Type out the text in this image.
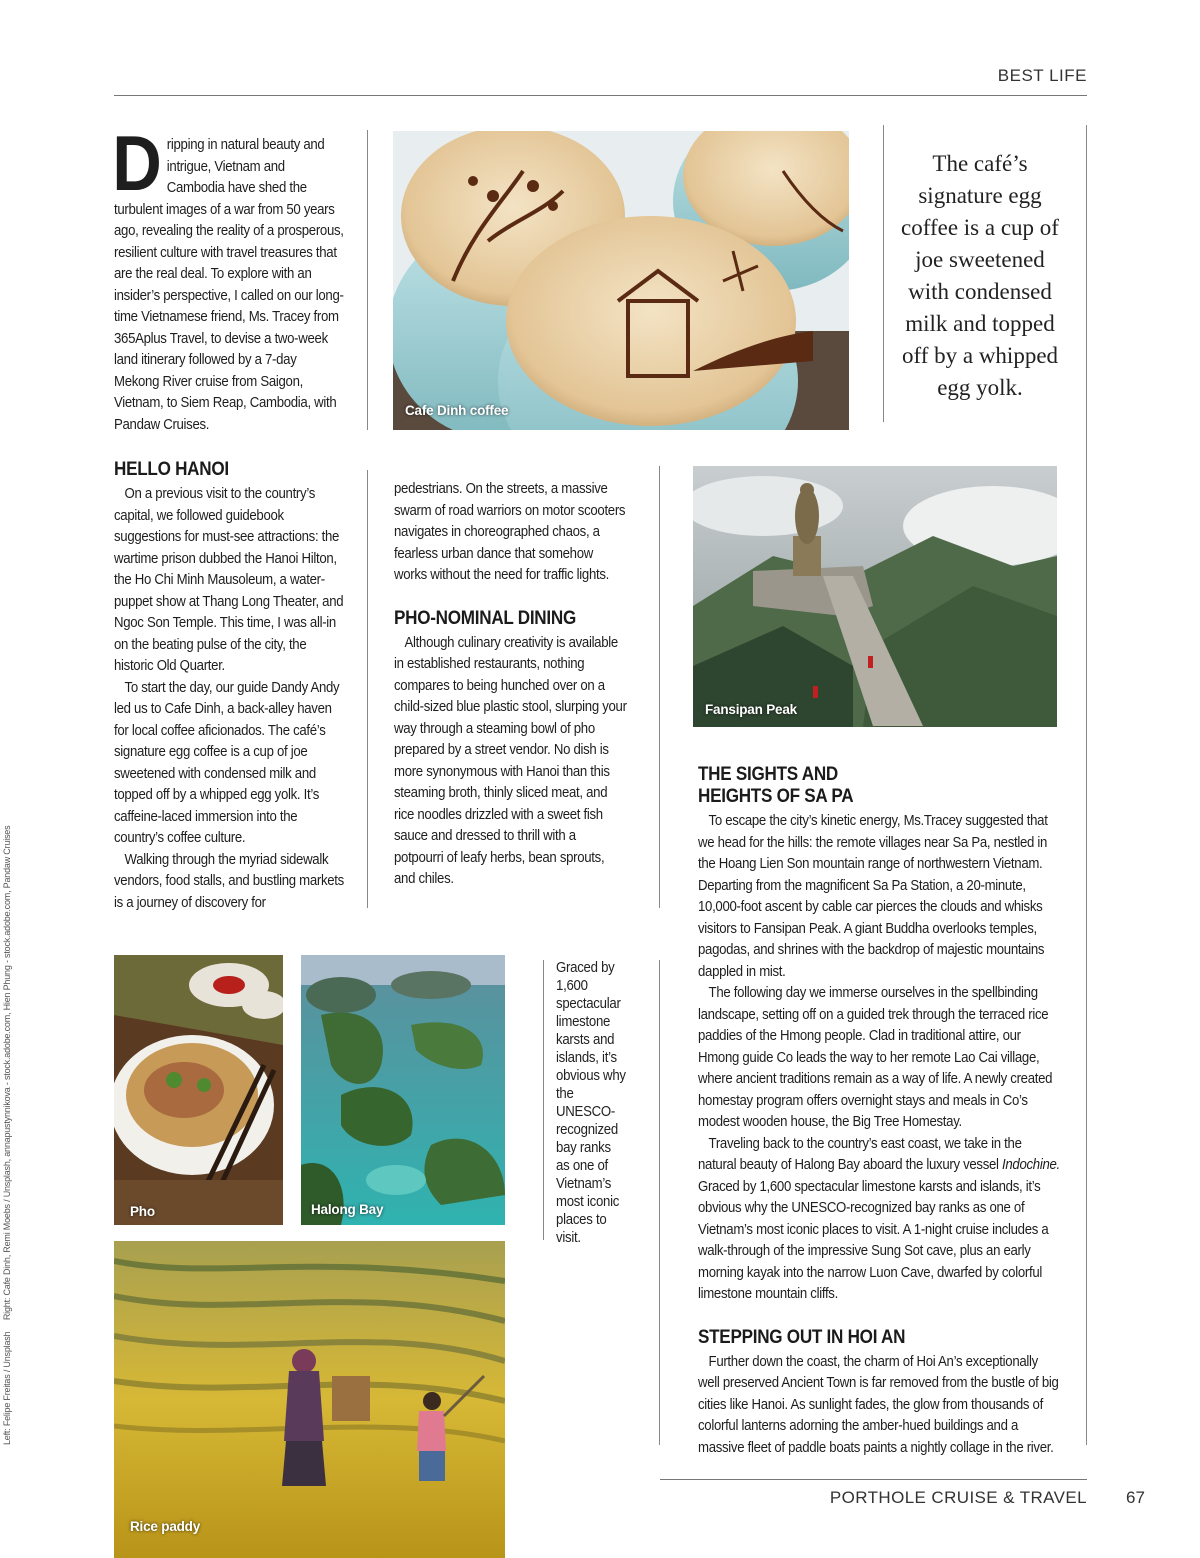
BEST LIFE
Left: Felipe Freitas / Unsplash     Right: Cafe Dinh, Remi Moebs / Unsplash, annapustynnikova - stock.adobe.com, Hien Phung - stock.adobe.com, Pandaw Cruises
D ripping in natural beauty and intrigue, Vietnam and Cambodia have shed the turbulent images of a war from 50 years ago, revealing the reality of a prosperous, resilient culture with travel treasures that are the real deal. To explore with an insider’s perspective, I called on our long-time Vietnamese friend, Ms. Tracey from 365Aplus Travel, to devise a two-week land itinerary followed by a 7-day Mekong River cruise from Saigon, Vietnam, to Siem Reap, Cambodia, with Pandaw Cruises.
Cafe Dinh coffee
The café’s signature egg coffee is a cup of joe sweetened with condensed milk and topped off by a whipped egg yolk.
HELLO HANOI

On a previous visit to the country’s capital, we followed guidebook suggestions for must-see attractions: the wartime prison dubbed the Hanoi Hilton, the Ho Chi Minh Mausoleum, a water-puppet show at Thang Long Theater, and Ngoc Son Temple. This time, I was all-in on the beating pulse of the city, the historic Old Quarter.

To start the day, our guide Dandy Andy led us to Cafe Dinh, a back-alley haven for local coffee aficionados. The café’s signature egg coffee is a cup of joe sweetened with condensed milk and topped off by a whipped egg yolk. It’s caffeine-laced immersion into the country’s coffee culture.

Walking through the myriad sidewalk vendors, food stalls, and bustling markets is a journey of discovery for

pedestrians. On the streets, a massive swarm of road warriors on motor scooters navigates in choreographed chaos, a fearless urban dance that somehow works without the need for traffic lights.

PHO-NOMINAL DINING

Although culinary creativity is available in established restaurants, nothing compares to being hunched over on a child-sized blue plastic stool, slurping your way through a steaming bowl of pho prepared by a street vendor. No dish is more synonymous with Hanoi than this steaming broth, thinly sliced meat, and rice noodles drizzled with a sweet fish sauce and dressed to thrill with a potpourri of leafy herbs, bean sprouts, and chiles.

Fansipan Peak
THE SIGHTS AND
HEIGHTS OF SA PA

To escape the city’s kinetic energy, Ms.Tracey suggested that we head for the hills: the remote villages near Sa Pa, nestled in the Hoang Lien Son mountain range of northwestern Vietnam. Departing from the magnificent Sa Pa Station, a 20-minute, 10,000-foot ascent by cable car pierces the clouds and whisks visitors to Fansipan Peak. A giant Buddha overlooks temples, pagodas, and shrines with the backdrop of majestic mountains dappled in mist.

The following day we immerse ourselves in the spellbinding landscape, setting off on a guided trek through the terraced rice paddies of the Hmong people. Clad in traditional attire, our Hmong guide Co leads the way to her remote Lao Cai village, where ancient traditions remain as a way of life. A newly created homestay program offers overnight stays and meals in Co’s modest wooden house, the Big Tree Homestay.

Traveling back to the country’s east coast, we take in the natural beauty of Halong Bay aboard the luxury vessel Indochine. Graced by 1,600 spectacular limestone karsts and islands, it’s obvious why the UNESCO-recognized bay ranks as one of Vietnam’s most iconic places to visit. A 1-night cruise includes a walk-through of the impressive Sung Sot cave, plus an early morning kayak into the narrow Luon Cave, dwarfed by colorful limestone mountain cliffs.

STEPPING OUT IN HOI AN

Further down the coast, the charm of Hoi An’s exceptionally well preserved Ancient Town is far removed from the bustle of big cities like Hanoi. As sunlight fades, the glow from thousands of colorful lanterns adorning the amber-hued buildings and a massive fleet of paddle boats paints a nightly collage in the river.

Pho	Halong Bay
Graced by 1,600 spectacular limestone karsts and islands, it’s obvious why the UNESCO-recognized bay ranks as one of Vietnam’s most iconic places to visit.
Rice paddy
PORTHOLE CRUISE & TRAVEL 67
